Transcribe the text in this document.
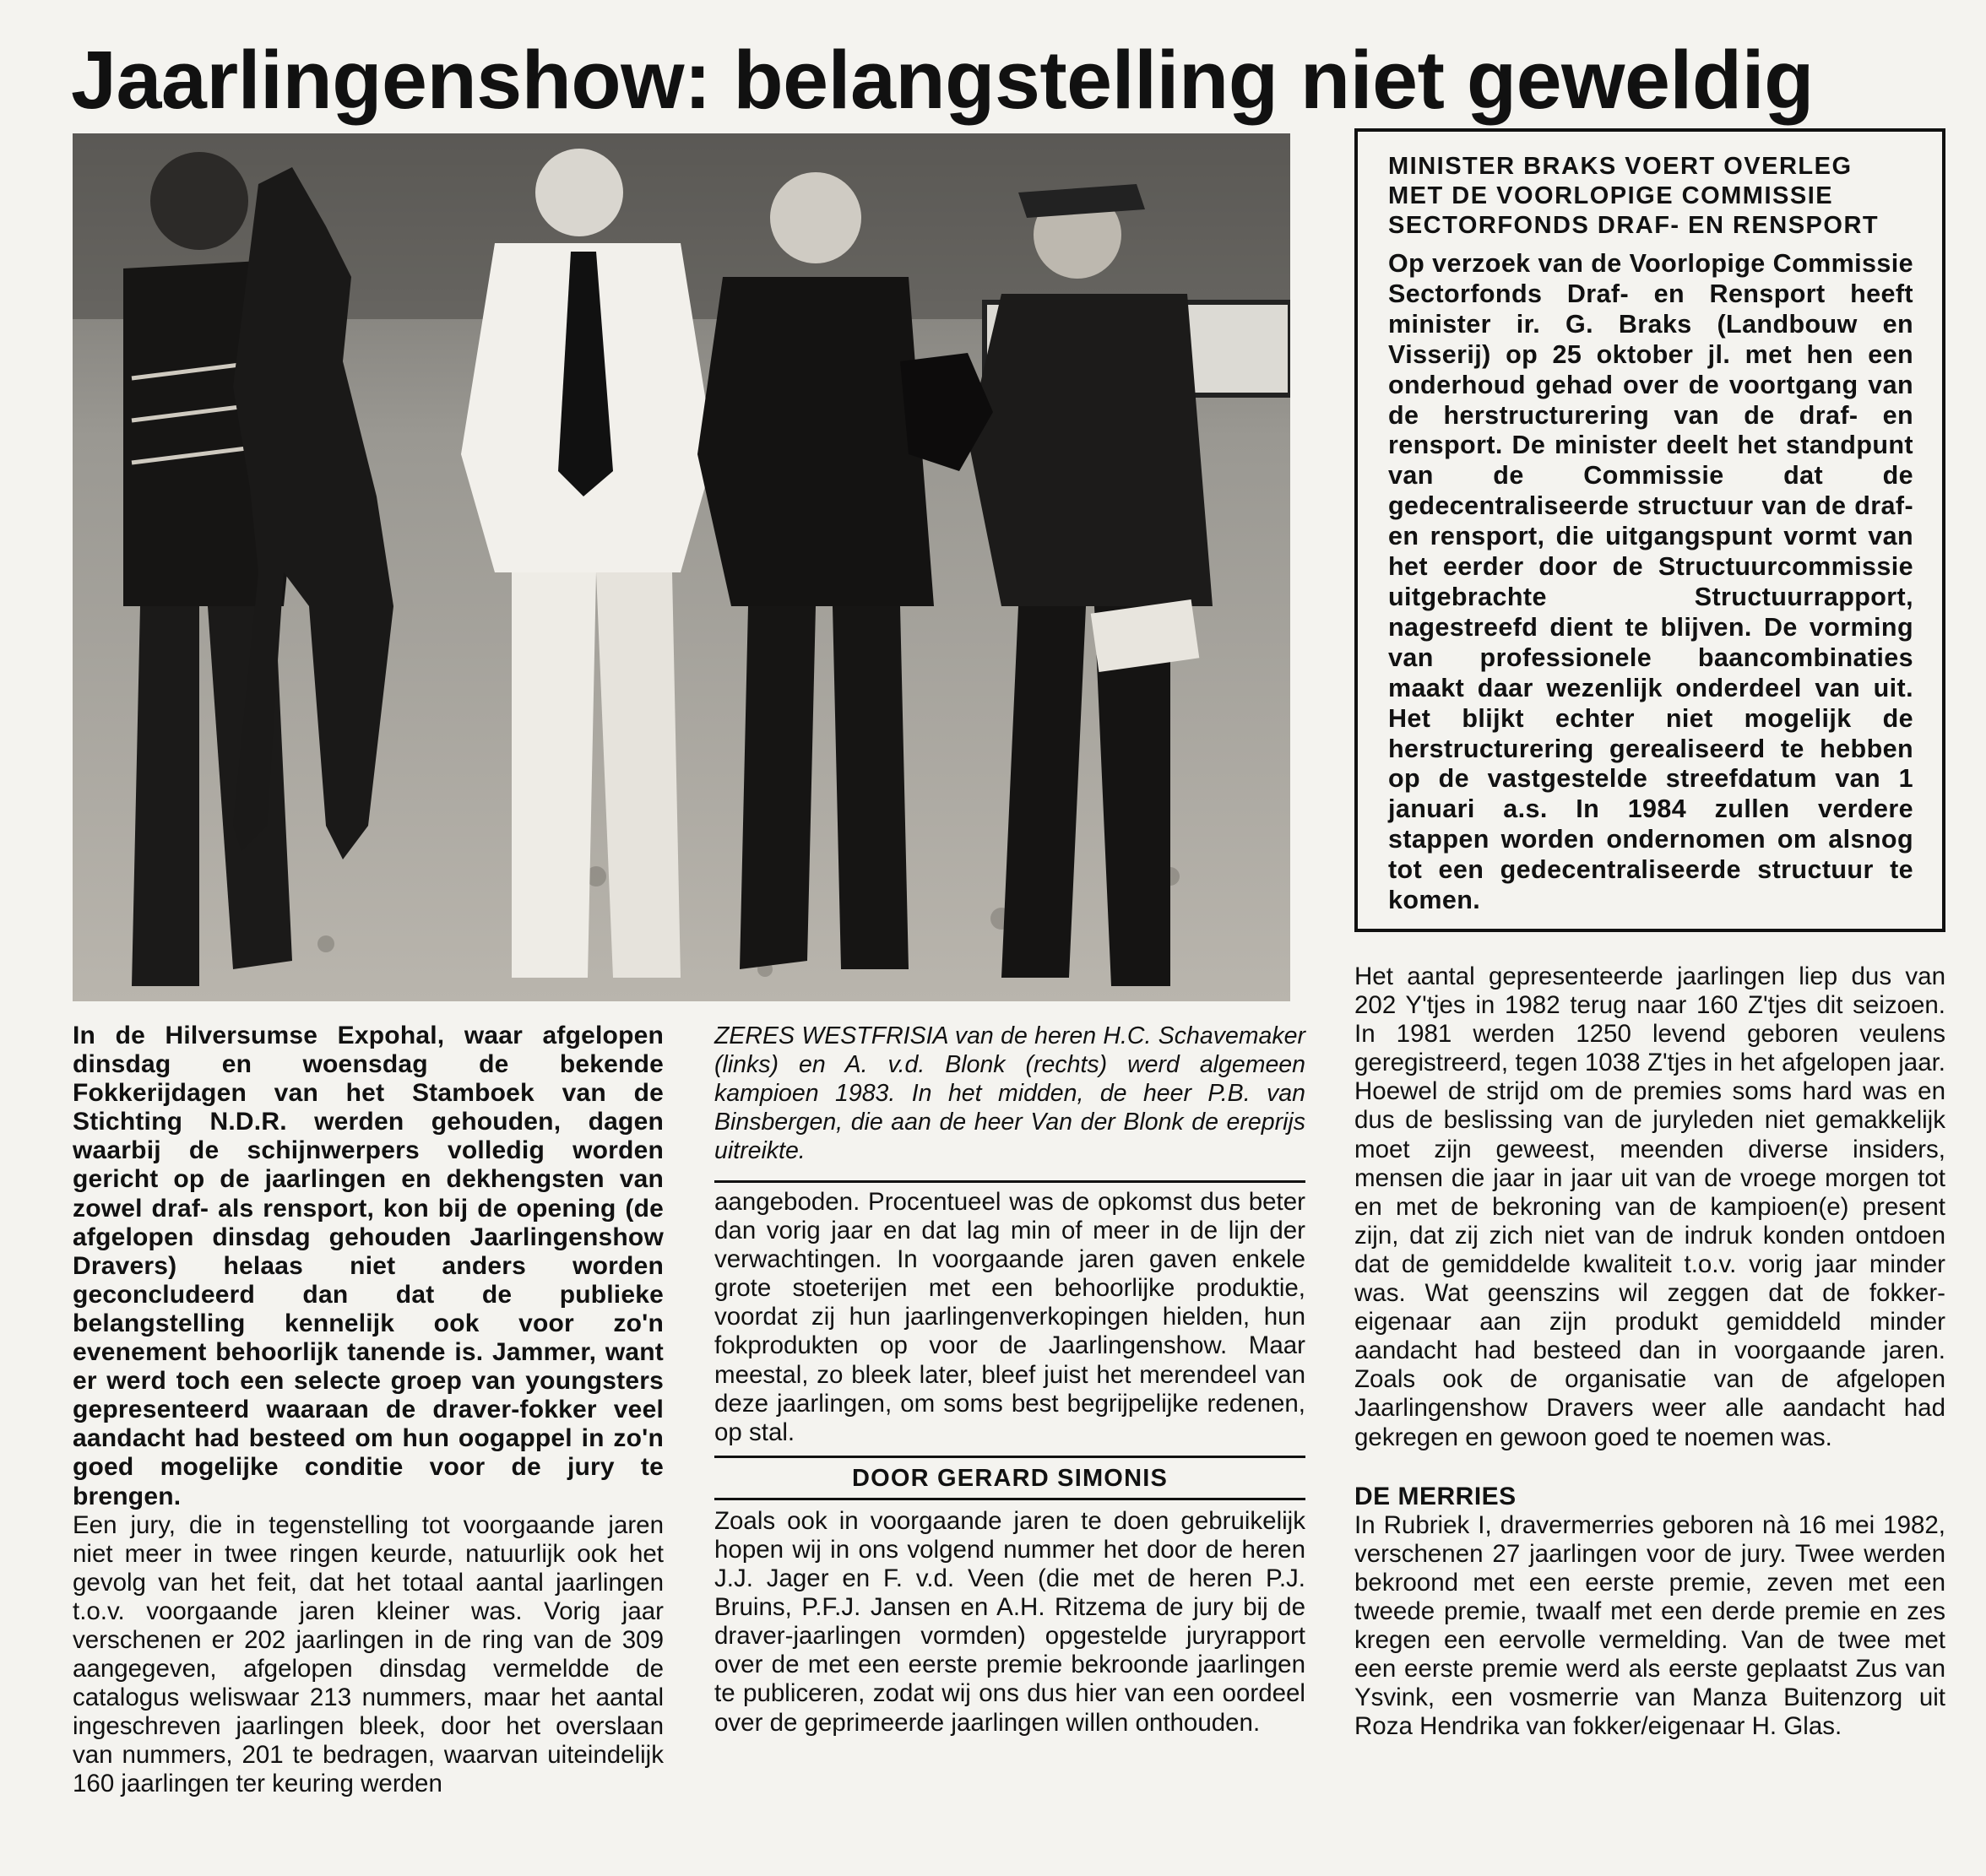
Jaarlingenshow: belangstelling niet geweldig

MINISTER BRAKS VOERT OVERLEG MET DE VOORLOPIGE COMMISSIE SECTORFONDS DRAF- EN RENSPORT

Op verzoek van de Voorlopige Commissie Sectorfonds Draf- en Rensport heeft minister ir. G. Braks (Landbouw en Visserij) op 25 oktober jl. met hen een onderhoud gehad over de voortgang van de herstructurering van de draf- en rensport. De minister deelt het standpunt van de Commissie dat de gedecentraliseerde structuur van de draf- en rensport, die uitgangspunt vormt van het eerder door de Structuurcommissie uitgebrachte Structuurrapport, nagestreefd dient te blijven. De vorming van professionele baancombinaties maakt daar wezenlijk onderdeel van uit. Het blijkt echter niet mogelijk de herstructurering gerealiseerd te hebben op de vastgestelde streefdatum van 1 januari a.s. In 1984 zullen verdere stappen worden ondernomen om alsnog tot een gedecentraliseerde structuur te komen.

In de Hilversumse Expohal, waar afgelopen dinsdag en woensdag de bekende Fokkerijdagen van het Stamboek van de Stichting N.D.R. werden gehouden, dagen waarbij de schijnwerpers volledig worden gericht op de jaarlingen en dekhengsten van zowel draf- als rensport, kon bij de opening (de afgelopen dinsdag gehouden Jaarlingenshow Dravers) helaas niet anders worden geconcludeerd dan dat de publieke belangstelling kennelijk ook voor zo'n evenement behoorlijk tanende is. Jammer, want er werd toch een selecte groep van youngsters gepresenteerd waaraan de draver-fokker veel aandacht had besteed om hun oogappel in zo'n goed mogelijke conditie voor de jury te brengen.

Een jury, die in tegenstelling tot voorgaande jaren niet meer in twee ringen keurde, natuurlijk ook het gevolg van het feit, dat het totaal aantal jaarlingen t.o.v. voorgaande jaren kleiner was. Vorig jaar verschenen er 202 jaarlingen in de ring van de 309 aangegeven, afgelopen dinsdag vermeldde de catalogus weliswaar 213 nummers, maar het aantal ingeschreven jaarlingen bleek, door het overslaan van nummers, 201 te bedragen, waarvan uiteindelijk 160 jaarlingen ter keuring werden

ZERES WESTFRISIA van de heren H.C. Schavemaker (links) en A. v.d. Blonk (rechts) werd algemeen kampioen 1983. In het midden, de heer P.B. van Binsbergen, die aan de heer Van der Blonk de ereprijs uitreikte.

aangeboden. Procentueel was de opkomst dus beter dan vorig jaar en dat lag min of meer in de lijn der verwachtingen. In voorgaande jaren gaven enkele grote stoeterijen met een behoorlijke produktie, voordat zij hun jaarlingenverkopingen hielden, hun fokprodukten op voor de Jaarlingenshow. Maar meestal, zo bleek later, bleef juist het merendeel van deze jaarlingen, om soms best begrijpelijke redenen, op stal.

DOOR GERARD SIMONIS

Zoals ook in voorgaande jaren te doen gebruikelijk hopen wij in ons volgend nummer het door de heren J.J. Jager en F. v.d. Veen (die met de heren P.J. Bruins, P.F.J. Jansen en A.H. Ritzema de jury bij de draver-jaarlingen vormden) opgestelde juryrapport over de met een eerste premie bekroonde jaarlingen te publiceren, zodat wij ons dus hier van een oordeel over de geprimeerde jaarlingen willen onthouden.

Het aantal gepresenteerde jaarlingen liep dus van 202 Y'tjes in 1982 terug naar 160 Z'tjes dit seizoen. In 1981 werden 1250 levend geboren veulens geregistreerd, tegen 1038 Z'tjes in het afgelopen jaar. Hoewel de strijd om de premies soms hard was en dus de beslissing van de juryleden niet gemakkelijk moet zijn geweest, meenden diverse insiders, mensen die jaar in jaar uit van de vroege morgen tot en met de bekroning van de kampioen(e) present zijn, dat zij zich niet van de indruk konden ontdoen dat de gemiddelde kwaliteit t.o.v. vorig jaar minder was. Wat geenszins wil zeggen dat de fokker-eigenaar aan zijn produkt gemiddeld minder aandacht had besteed dan in voorgaande jaren. Zoals ook de organisatie van de afgelopen Jaarlingenshow Dravers weer alle aandacht had gekregen en gewoon goed te noemen was.

DE MERRIES

In Rubriek I, dravermerries geboren nà 16 mei 1982, verschenen 27 jaarlingen voor de jury. Twee werden bekroond met een eerste premie, zeven met een tweede premie, twaalf met een derde premie en zes kregen een eervolle vermelding. Van de twee met een eerste premie werd als eerste geplaatst Zus van Ysvink, een vosmerrie van Manza Buitenzorg uit Roza Hendrika van fokker/eigenaar H. Glas.
